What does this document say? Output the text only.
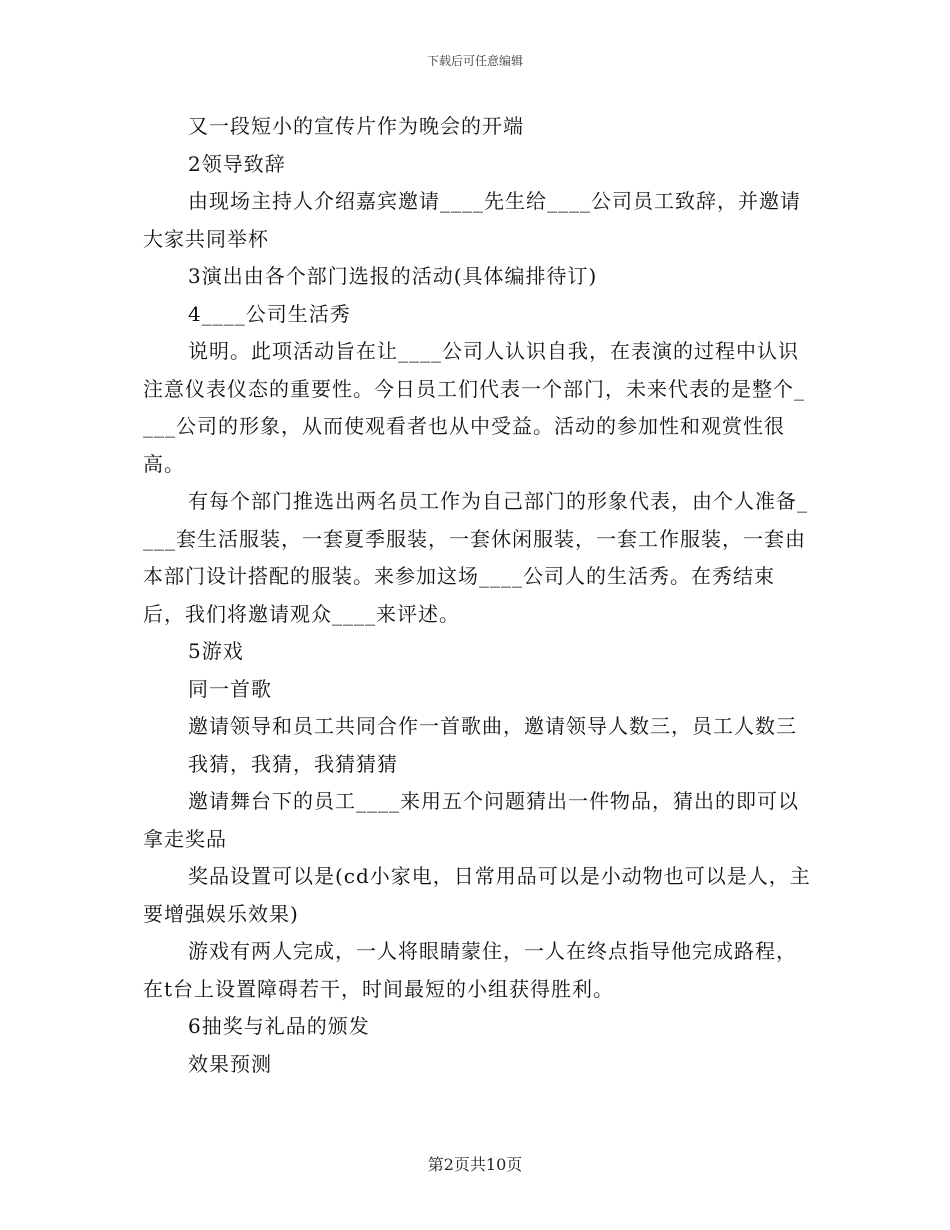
下载后可任意编辑

又一段短小的宣传片作为晚会的开端

2领导致辞

由现场主持人介绍嘉宾邀请____先生给____公司员工致辞，并邀请大家共同举杯

3演出由各个部门选报的活动(具体编排待订)

4____公司生活秀

说明。此项活动旨在让____公司人认识自我，在表演的过程中认识注意仪表仪态的重要性。今日员工们代表一个部门，未来代表的是整个____公司的形象，从而使观看者也从中受益。活动的参加性和观赏性很高。

有每个部门推选出两名员工作为自己部门的形象代表，由个人准备____套生活服装，一套夏季服装，一套休闲服装，一套工作服装，一套由本部门设计搭配的服装。来参加这场____公司人的生活秀。在秀结束后，我们将邀请观众____来评述。

5游戏

同一首歌

邀请领导和员工共同合作一首歌曲，邀请领导人数三，员工人数三

我猜，我猜，我猜猜猜

邀请舞台下的员工____来用五个问题猜出一件物品，猜出的即可以拿走奖品

奖品设置可以是(cd小家电，日常用品可以是小动物也可以是人，主要增强娱乐效果)

游戏有两人完成，一人将眼睛蒙住，一人在终点指导他完成路程，在t台上设置障碍若干，时间最短的小组获得胜利。

6抽奖与礼品的颁发

效果预测

第2页共10页
